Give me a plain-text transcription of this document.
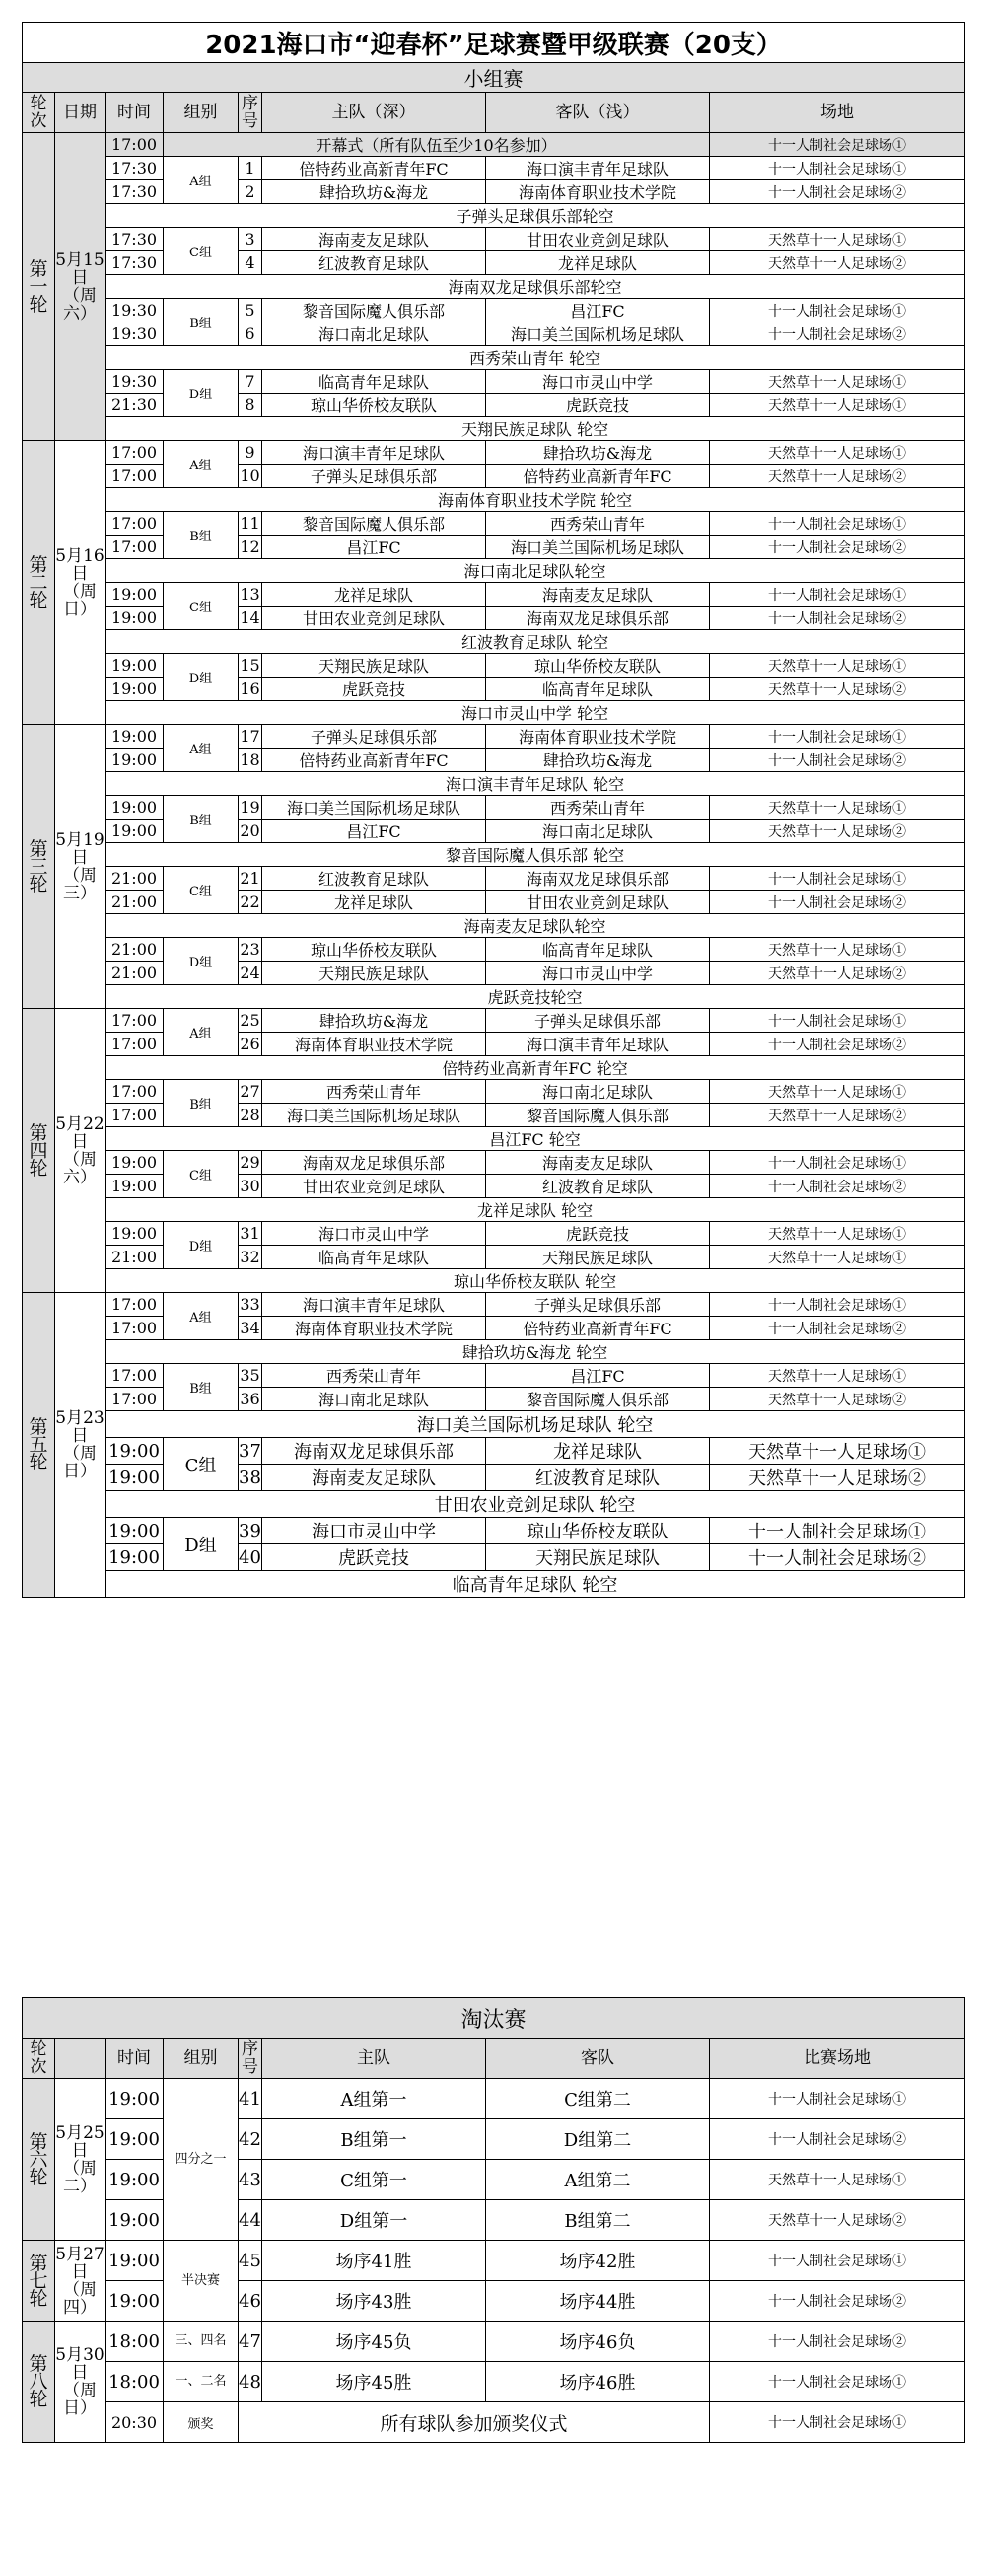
2021海口市“迎春杯”足球赛暨甲级联赛（20支）							
小组赛							
轮次	日期	时间	组别	序号	主队（深）	客队（浅）	场地
第一轮	5月15日（周六）	17:00	开幕式（所有队伍至少10名参加）				十一人制社会足球场①
		17:30	A组	1	倍特药业高新青年FC	海口演丰青年足球队	十一人制社会足球场①
		17:30		2	肆拾玖坊&海龙	海南体育职业技术学院	十一人制社会足球场②
		子弹头足球俱乐部轮空					
		17:30	C组	3	海南麦友足球队	甘田农业竞剑足球队	天然草十一人足球场①
		17:30		4	红波教育足球队	龙祥足球队	天然草十一人足球场②
		海南双龙足球俱乐部轮空					
		19:30	B组	5	黎音国际魔人俱乐部	昌江FC	十一人制社会足球场①
		19:30		6	海口南北足球队	海口美兰国际机场足球队	十一人制社会足球场②
		西秀荣山青年 轮空					
		19:30	D组	7	临高青年足球队	海口市灵山中学	天然草十一人足球场①
		21:30		8	琼山华侨校友联队	虎跃竞技	天然草十一人足球场①
		天翔民族足球队 轮空					
第二轮	5月16日（周日）	17:00	A组	9	海口演丰青年足球队	肆拾玖坊&海龙	天然草十一人足球场①
		17:00		10	子弹头足球俱乐部	倍特药业高新青年FC	天然草十一人足球场②
		海南体育职业技术学院 轮空					
		17:00	B组	11	黎音国际魔人俱乐部	西秀荣山青年	十一人制社会足球场①
		17:00		12	昌江FC	海口美兰国际机场足球队	十一人制社会足球场②
		海口南北足球队轮空					
		19:00	C组	13	龙祥足球队	海南麦友足球队	十一人制社会足球场①
		19:00		14	甘田农业竞剑足球队	海南双龙足球俱乐部	十一人制社会足球场②
		红波教育足球队 轮空					
		19:00	D组	15	天翔民族足球队	琼山华侨校友联队	天然草十一人足球场①
		19:00		16	虎跃竞技	临高青年足球队	天然草十一人足球场②
		海口市灵山中学 轮空					
第三轮	5月19日（周三）	19:00	A组	17	子弹头足球俱乐部	海南体育职业技术学院	十一人制社会足球场①
		19:00		18	倍特药业高新青年FC	肆拾玖坊&海龙	十一人制社会足球场②
		海口演丰青年足球队 轮空					
		19:00	B组	19	海口美兰国际机场足球队	西秀荣山青年	天然草十一人足球场①
		19:00		20	昌江FC	海口南北足球队	天然草十一人足球场②
		黎音国际魔人俱乐部 轮空					
		21:00	C组	21	红波教育足球队	海南双龙足球俱乐部	十一人制社会足球场①
		21:00		22	龙祥足球队	甘田农业竞剑足球队	十一人制社会足球场②
		海南麦友足球队轮空					
		21:00	D组	23	琼山华侨校友联队	临高青年足球队	天然草十一人足球场①
		21:00		24	天翔民族足球队	海口市灵山中学	天然草十一人足球场②
		虎跃竞技轮空					
第四轮	5月22日（周六）	17:00	A组	25	肆拾玖坊&海龙	子弹头足球俱乐部	十一人制社会足球场①
		17:00		26	海南体育职业技术学院	海口演丰青年足球队	十一人制社会足球场②
		倍特药业高新青年FC 轮空					
		17:00	B组	27	西秀荣山青年	海口南北足球队	天然草十一人足球场①
		17:00		28	海口美兰国际机场足球队	黎音国际魔人俱乐部	天然草十一人足球场②
		昌江FC 轮空					
		19:00	C组	29	海南双龙足球俱乐部	海南麦友足球队	十一人制社会足球场①
		19:00		30	甘田农业竞剑足球队	红波教育足球队	十一人制社会足球场②
		龙祥足球队 轮空					
		19:00	D组	31	海口市灵山中学	虎跃竞技	天然草十一人足球场①
		21:00		32	临高青年足球队	天翔民族足球队	天然草十一人足球场①
		琼山华侨校友联队 轮空					
第五轮	5月23日（周日）	17:00	A组	33	海口演丰青年足球队	子弹头足球俱乐部	十一人制社会足球场①
		17:00		34	海南体育职业技术学院	倍特药业高新青年FC	十一人制社会足球场②
		肆拾玖坊&海龙 轮空					
		17:00	B组	35	西秀荣山青年	昌江FC	天然草十一人足球场①
		17:00		36	海口南北足球队	黎音国际魔人俱乐部	天然草十一人足球场②
		海口美兰国际机场足球队 轮空					
		19:00	C组	37	海南双龙足球俱乐部	龙祥足球队	天然草十一人足球场①
		19:00		38	海南麦友足球队	红波教育足球队	天然草十一人足球场②
		甘田农业竞剑足球队 轮空					
		19:00	D组	39	海口市灵山中学	琼山华侨校友联队	十一人制社会足球场①
		19:00		40	虎跃竞技	天翔民族足球队	十一人制社会足球场②
		临高青年足球队 轮空					
淘汰赛							
轮次		时间	组别	序号	主队	客队	比赛场地
第六轮	5月25日（周二）	19:00	四分之一	41	A组第一	C组第二	十一人制社会足球场①
		19:00		42	B组第一	D组第二	十一人制社会足球场②
		19:00		43	C组第一	A组第二	天然草十一人足球场①
		19:00		44	D组第一	B组第二	天然草十一人足球场②
第七轮	5月27日（周四）	19:00	半决赛	45	场序41胜	场序42胜	十一人制社会足球场①
		19:00		46	场序43胜	场序44胜	十一人制社会足球场②
第八轮	5月30日（周日）	18:00	三、四名	47	场序45负	场序46负	十一人制社会足球场②
		18:00	一、二名	48	场序45胜	场序46胜	十一人制社会足球场①
		20:30	颁奖	所有球队参加颁奖仪式			十一人制社会足球场①
